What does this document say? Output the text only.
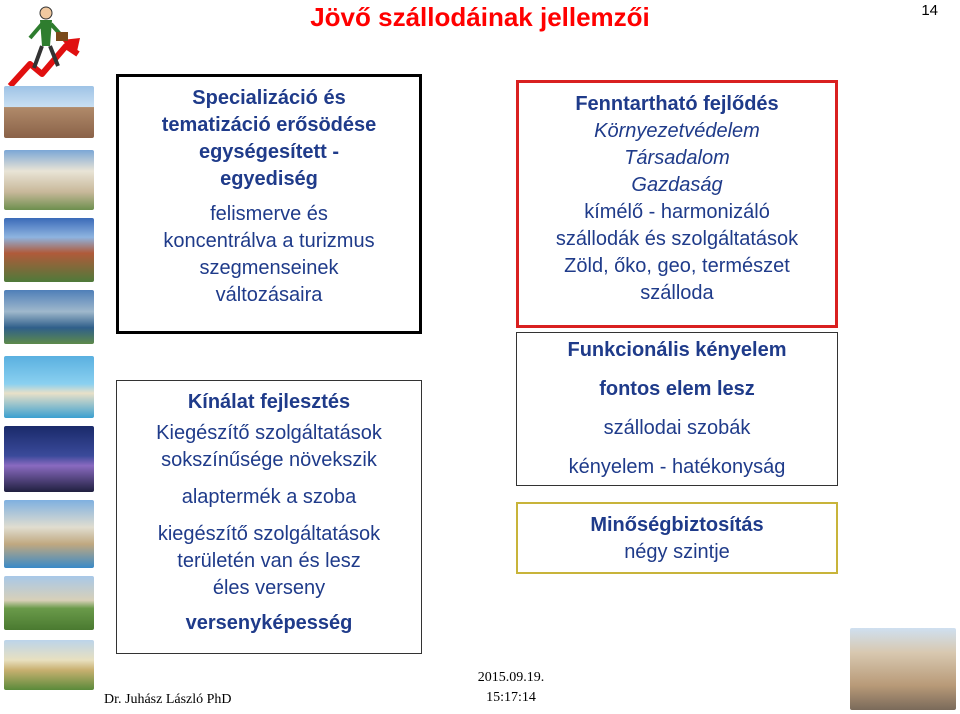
Jövő szállodáinak jellemzői	14
Specializáció és
tematizáció erősödése
egységesített -
egyediség
felismerve és
koncentrálva a turizmus
szegmenseinek
változásaira
Kínálat fejlesztés
Kiegészítő szolgáltatások
sokszínűsége növekszik
alaptermék a szoba
kiegészítő szolgáltatások
területén van és lesz
éles verseny
versenyképesség
Fenntartható fejlődés
Környezetvédelem
Társadalom
Gazdaság
kímélő - harmonizáló
szállodák és szolgáltatások
Zöld, őko, geo, természet
szálloda
Funkcionális kényelem
fontos elem lesz
szállodai szobák
kényelem - hatékonyság
Minőségbiztosítás
négy szintje
Dr. Juhász László PhD
2015.09.19.
15:17:14
